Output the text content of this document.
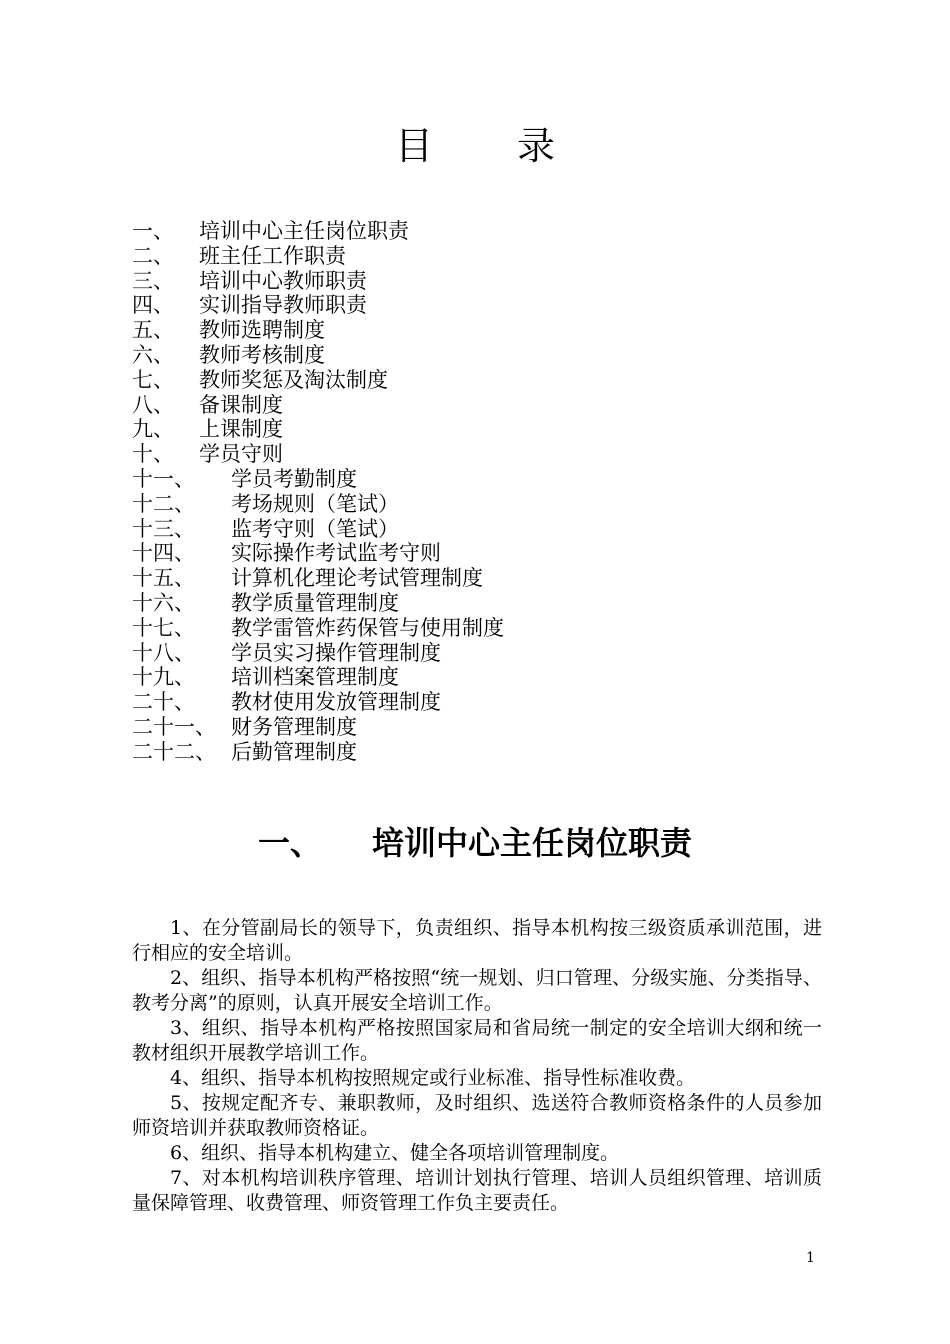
目 录
一、	培训中心主任岗位职责
二、	班主任工作职责
三、	培训中心教师职责
四、	实训指导教师职责
五、	教师选聘制度
六、	教师考核制度
七、	教师奖惩及淘汰制度
八、	备课制度
九、	上课制度
十、	学员守则
十一、	学员考勤制度
十二、	考场规则（笔试）
十三、	监考守则（笔试）
十四、	实际操作考试监考守则
十五、	计算机化理论考试管理制度
十六、	教学质量管理制度
十七、	教学雷管炸药保管与使用制度
十八、	学员实习操作管理制度
十九、	培训档案管理制度
二十、	教材使用发放管理制度
二十一、 财务管理制度
二十二、 后勤管理制度
一、 培训中心主任岗位职责

1、在分管副局长的领导下，负责组织、指导本机构按三级资质承训范围，进行相应的安全培训。

2、组织、指导本机构严格按照“统一规划、归口管理、分级实施、分类指导、教考分离”的原则，认真开展安全培训工作。

3、组织、指导本机构严格按照国家局和省局统一制定的安全培训大纲和统一教材组织开展教学培训工作。

4、组织、指导本机构按照规定或行业标准、指导性标准收费。

5、按规定配齐专、兼职教师，及时组织、选送符合教师资格条件的人员参加师资培训并获取教师资格证。

6、组织、指导本机构建立、健全各项培训管理制度。

7、对本机构培训秩序管理、培训计划执行管理、培训人员组织管理、培训质量保障管理、收费管理、师资管理工作负主要责任。

1
